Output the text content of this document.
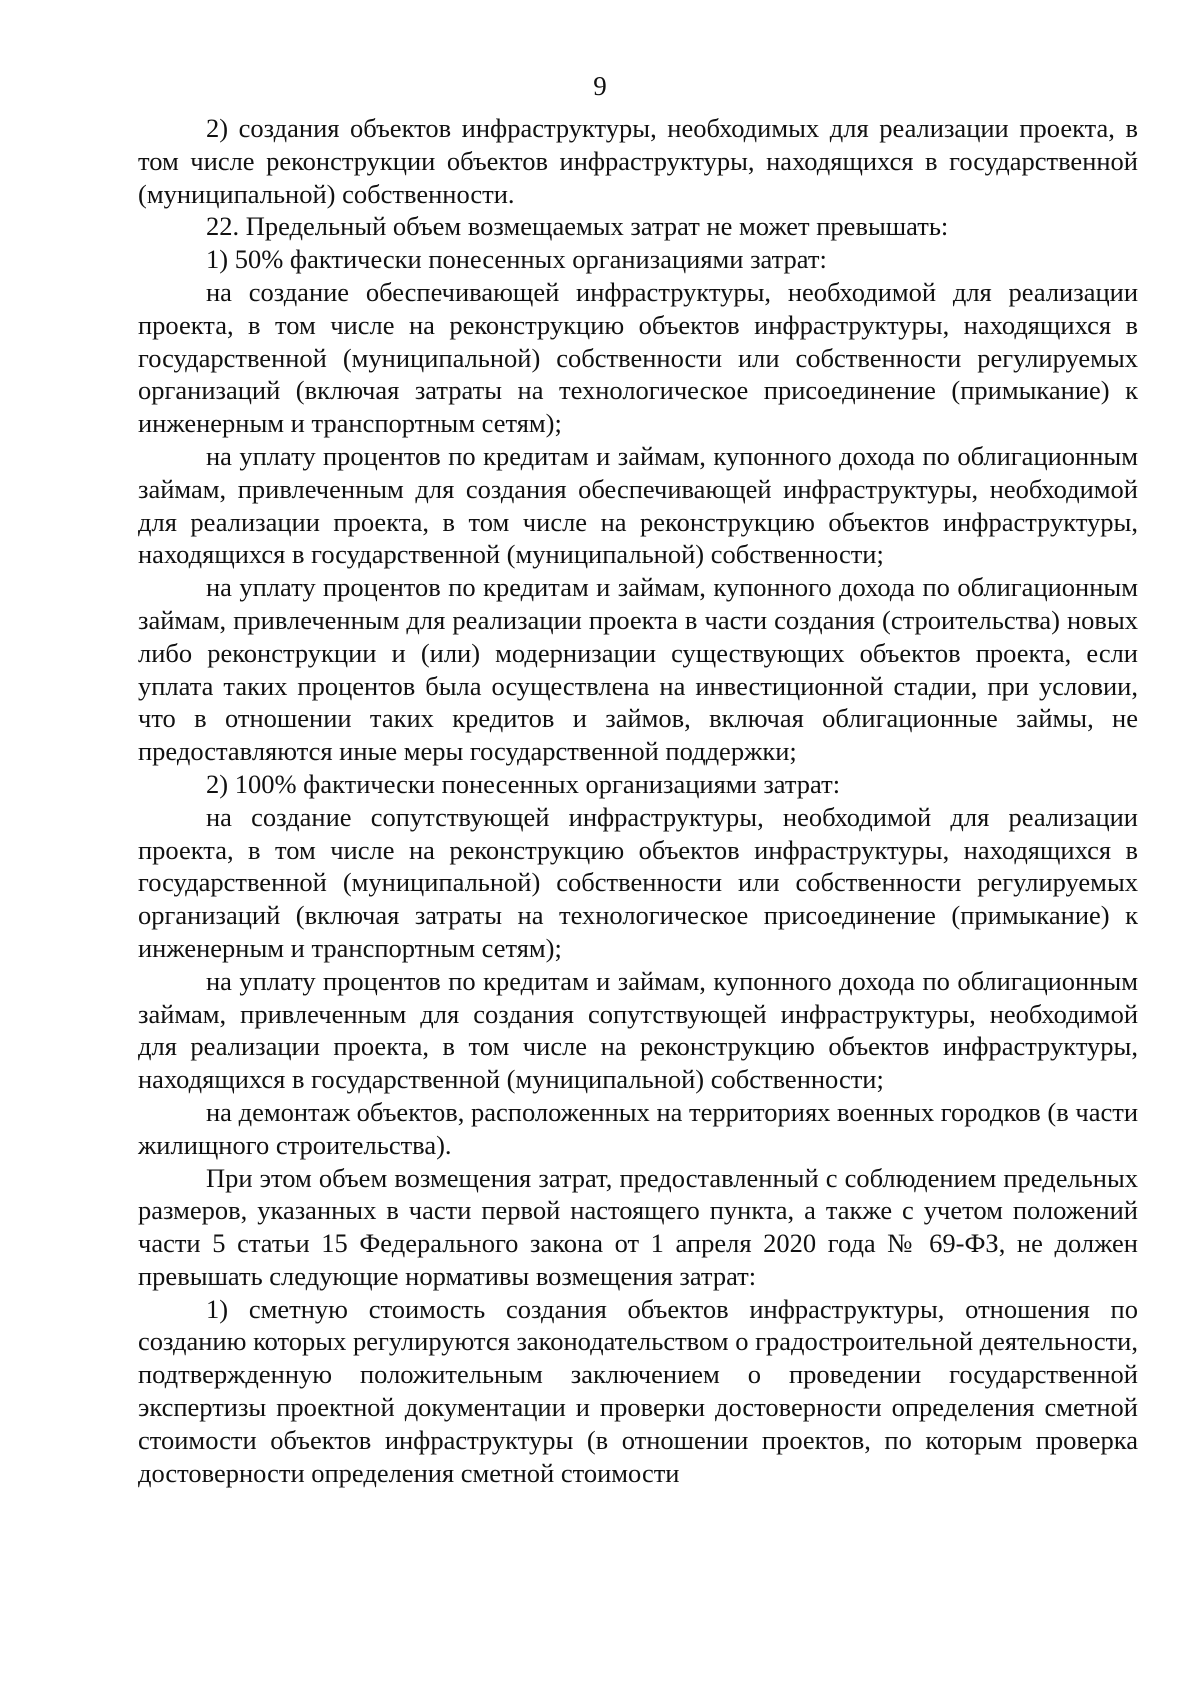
9

2) создания объектов инфраструктуры, необходимых для реализации проекта, в том числе реконструкции объектов инфраструктуры, находящихся в государственной (муниципальной) собственности.

22. Предельный объем возмещаемых затрат не может превышать:

1) 50% фактически понесенных организациями затрат:

на создание обеспечивающей инфраструктуры, необходимой для реализации проекта, в том числе на реконструкцию объектов инфраструктуры, находящихся в государственной (муниципальной) собственности или собственности регулируемых организаций (включая затраты на технологическое присоединение (примыкание) к инженерным и транспортным сетям);

на уплату процентов по кредитам и займам, купонного дохода по облигационным займам, привлеченным для создания обеспечивающей инфраструктуры, необходимой для реализации проекта, в том числе на реконструкцию объектов инфраструктуры, находящихся в государственной (муниципальной) собственности;

на уплату процентов по кредитам и займам, купонного дохода по облигационным займам, привлеченным для реализации проекта в части создания (строительства) новых либо реконструкции и (или) модернизации существующих объектов проекта, если уплата таких процентов была осуществлена на инвестиционной стадии, при условии, что в отношении таких кредитов и займов, включая облигационные займы, не предоставляются иные меры государственной поддержки;

2) 100% фактически понесенных организациями затрат:

на создание сопутствующей инфраструктуры, необходимой для реализации проекта, в том числе на реконструкцию объектов инфраструктуры, находящихся в государственной (муниципальной) собственности или собственности регулируемых организаций (включая затраты на технологическое присоединение (примыкание) к инженерным и транспортным сетям);

на уплату процентов по кредитам и займам, купонного дохода по облигационным займам, привлеченным для создания сопутствующей инфраструктуры, необходимой для реализации проекта, в том числе на реконструкцию объектов инфраструктуры, находящихся в государственной (муниципальной) собственности;

на демонтаж объектов, расположенных на территориях военных городков (в части жилищного строительства).

При этом объем возмещения затрат, предоставленный с соблюдением предельных размеров, указанных в части первой настоящего пункта, а также с учетом положений части 5 статьи 15 Федерального закона от 1 апреля 2020 года № 69-ФЗ, не должен превышать следующие нормативы возмещения затрат:

1) сметную стоимость создания объектов инфраструктуры, отношения по созданию которых регулируются законодательством о градостроительной деятельности, подтвержденную положительным заключением о проведении государственной экспертизы проектной документации и проверки достоверности определения сметной стоимости объектов инфраструктуры (в отношении проектов, по которым проверка достоверности определения сметной стоимости
